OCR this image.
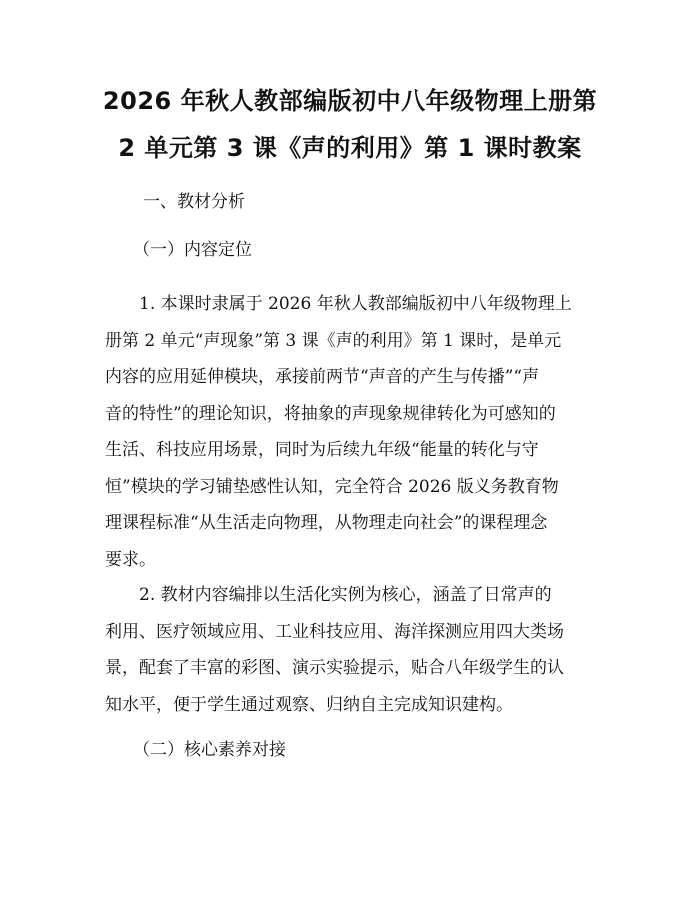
2026 年秋人教部编版初中八年级物理上册第
2 单元第 3 课《声的利用》第 1 课时教案
一、教材分析
（一）内容定位
1. 本课时隶属于 2026 年秋人教部编版初中八年级物理上
册第 2 单元“声现象”第 3 课《声的利用》第 1 课时，是单元
内容的应用延伸模块，承接前两节“声音的产生与传播”“声
音的特性”的理论知识，将抽象的声现象规律转化为可感知的
生活、科技应用场景，同时为后续九年级“能量的转化与守
恒”模块的学习铺垫感性认知，完全符合 2026 版义务教育物
理课程标准“从生活走向物理，从物理走向社会”的课程理念
要求。
2. 教材内容编排以生活化实例为核心，涵盖了日常声的
利用、医疗领域应用、工业科技应用、海洋探测应用四大类场
景，配套了丰富的彩图、演示实验提示，贴合八年级学生的认
知水平，便于学生通过观察、归纳自主完成知识建构。
（二）核心素养对接
